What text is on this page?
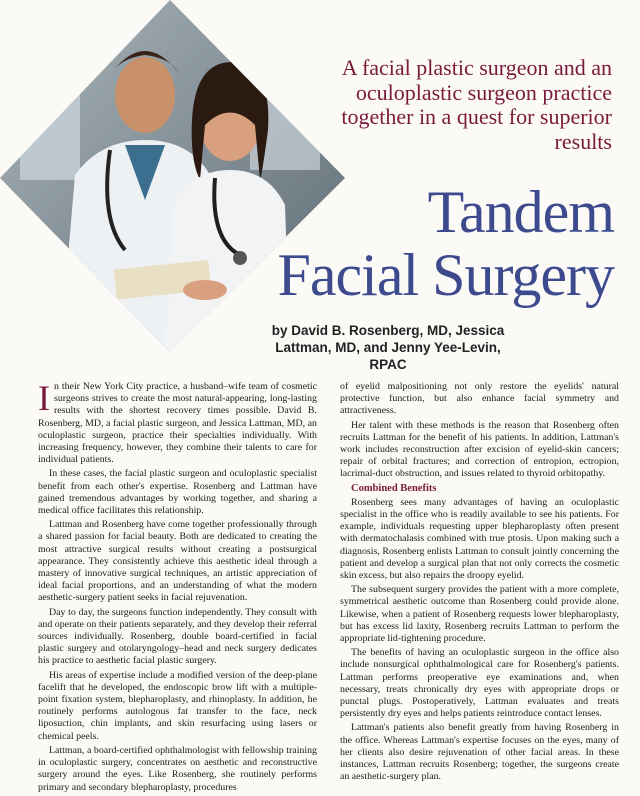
A facial plastic surgeon and an oculoplastic surgeon practice together in a quest for superior results
Tandem
Facial Surgery
by David B. Rosenberg, MD, Jessica Lattman, MD, and Jenny Yee-Levin, RPAC

In their New York City practice, a husband–wife team of cosmetic surgeons strives to create the most natural-appearing, long-lasting results with the shortest recovery times possible. David B. Rosenberg, MD, a facial plastic surgeon, and Jessica Lattman, MD, an oculoplastic surgeon, practice their specialties individually. With increasing frequency, however, they combine their talents to care for individual patients.

In these cases, the facial plastic surgeon and oculoplastic specialist benefit from each other's expertise. Rosenberg and Lattman have gained tremendous advantages by working together, and sharing a medical office facilitates this relationship.

Lattman and Rosenberg have come together professionally through a shared passion for facial beauty. Both are dedicated to creating the most attractive surgical results without creating a postsurgical appearance. They consistently achieve this aesthetic ideal through a mastery of innovative surgical techniques, an artistic appreciation of ideal facial proportions, and an understanding of what the modern aesthetic-surgery patient seeks in facial rejuvenation.

Day to day, the surgeons function independently. They consult with and operate on their patients separately, and they develop their referral sources individually. Rosenberg, double board-certified in facial plastic surgery and otolaryngology–head and neck surgery dedicates his practice to aesthetic facial plastic surgery.

His areas of expertise include a modified version of the deep-plane facelift that he developed, the endoscopic brow lift with a multiple-point fixation system, blepharoplasty, and rhinoplasty. In addition, he routinely performs autologous fat transfer to the face, neck liposuction, chin implants, and skin resurfacing using lasers or chemical peels.

Lattman, a board-certified ophthalmologist with fellowship training in oculoplastic surgery, concentrates on aesthetic and reconstructive surgery around the eyes. Like Rosenberg, she routinely performs primary and secondary blepharoplasty, procedures

of eyelid malpositioning not only restore the eyelids' natural protective function, but also enhance facial symmetry and attractiveness.

Her talent with these methods is the reason that Rosenberg often recruits Lattman for the benefit of his patients. In addition, Lattman's work includes reconstruction after excision of eyelid-skin cancers; repair of orbital fractures; and correction of entropion, ectropion, lacrimal-duct obstruction, and issues related to thyroid orbitopathy.

Combined Benefits

Rosenberg sees many advantages of having an oculoplastic specialist in the office who is readily available to see his patients. For example, individuals requesting upper blepharoplasty often present with dermatochalasis combined with true ptosis. Upon making such a diagnosis, Rosenberg enlists Lattman to consult jointly concerning the patient and develop a surgical plan that not only corrects the cosmetic skin excess, but also repairs the droopy eyelid.

The subsequent surgery provides the patient with a more complete, symmetrical aesthetic outcome than Rosenberg could provide alone. Likewise, when a patient of Rosenberg requests lower blepharoplasty, but has excess lid laxity, Rosenberg recruits Lattman to perform the appropriate lid-tightening procedure.

The benefits of having an oculoplastic surgeon in the office also include nonsurgical ophthalmological care for Rosenberg's patients. Lattman performs preoperative eye examinations and, when necessary, treats chronically dry eyes with appropriate drops or punctal plugs. Postoperatively, Lattman evaluates and treats persistently dry eyes and helps patients reintroduce contact lenses.

Lattman's patients also benefit greatly from having Rosenberg in the office. Whereas Lattman's expertise focuses on the eyes, many of her clients also desire rejuvenation of other facial areas. In these instances, Lattman recruits Rosenberg; together, the surgeons create an aesthetic-surgery plan.
